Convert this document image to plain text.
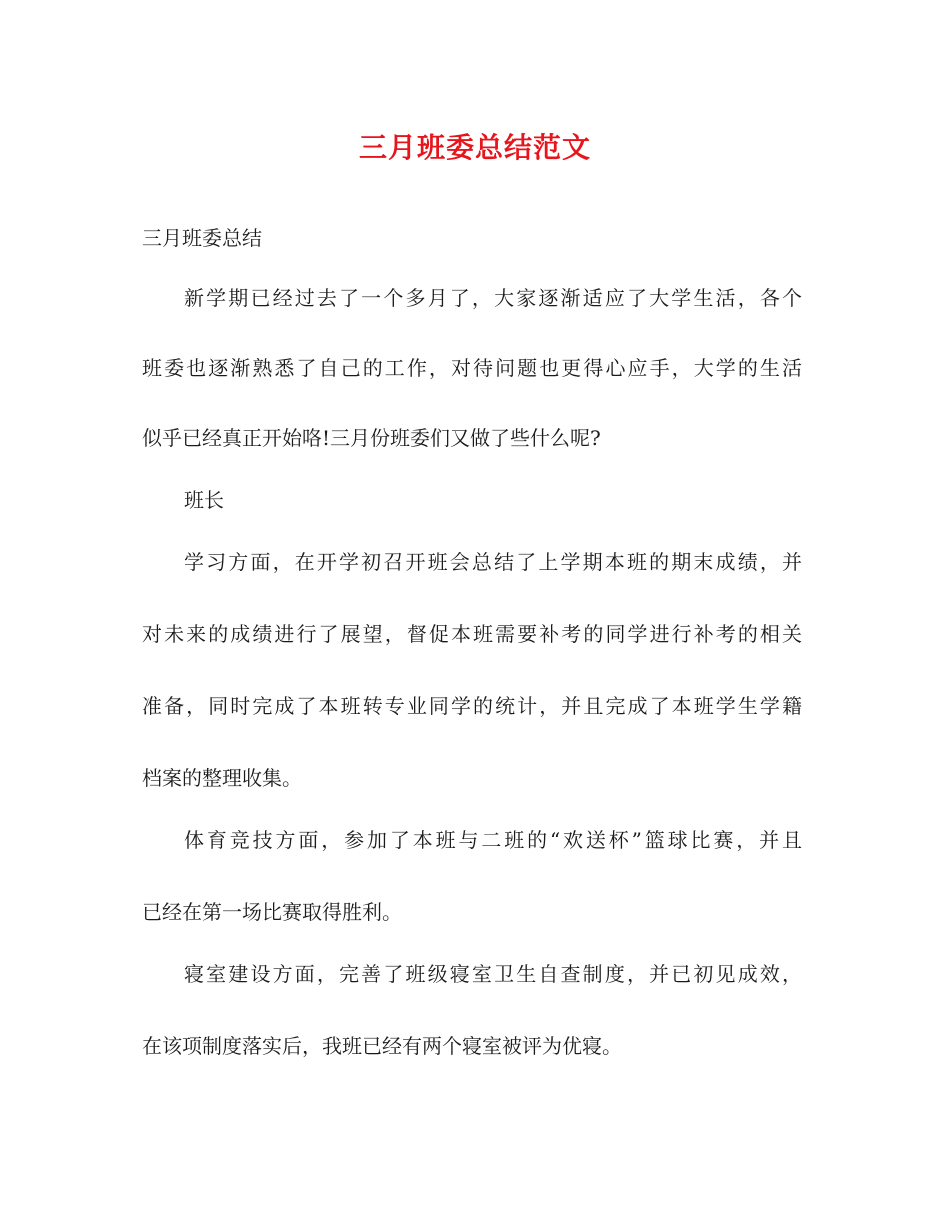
三月班委总结范文
三月班委总结
新学期已经过去了一个多月了，大家逐渐适应了大学生活，各个
班委也逐渐熟悉了自己的工作，对待问题也更得心应手，大学的生活
似乎已经真正开始咯!三月份班委们又做了些什么呢?
班长
学习方面，在开学初召开班会总结了上学期本班的期末成绩，并
对未来的成绩进行了展望，督促本班需要补考的同学进行补考的相关
准备，同时完成了本班转专业同学的统计，并且完成了本班学生学籍
档案的整理收集。
体育竞技方面，参加了本班与二班的“欢送杯”篮球比赛，并且
已经在第一场比赛取得胜利。
寝室建设方面，完善了班级寝室卫生自查制度，并已初见成效，
在该项制度落实后，我班已经有两个寝室被评为优寝。
